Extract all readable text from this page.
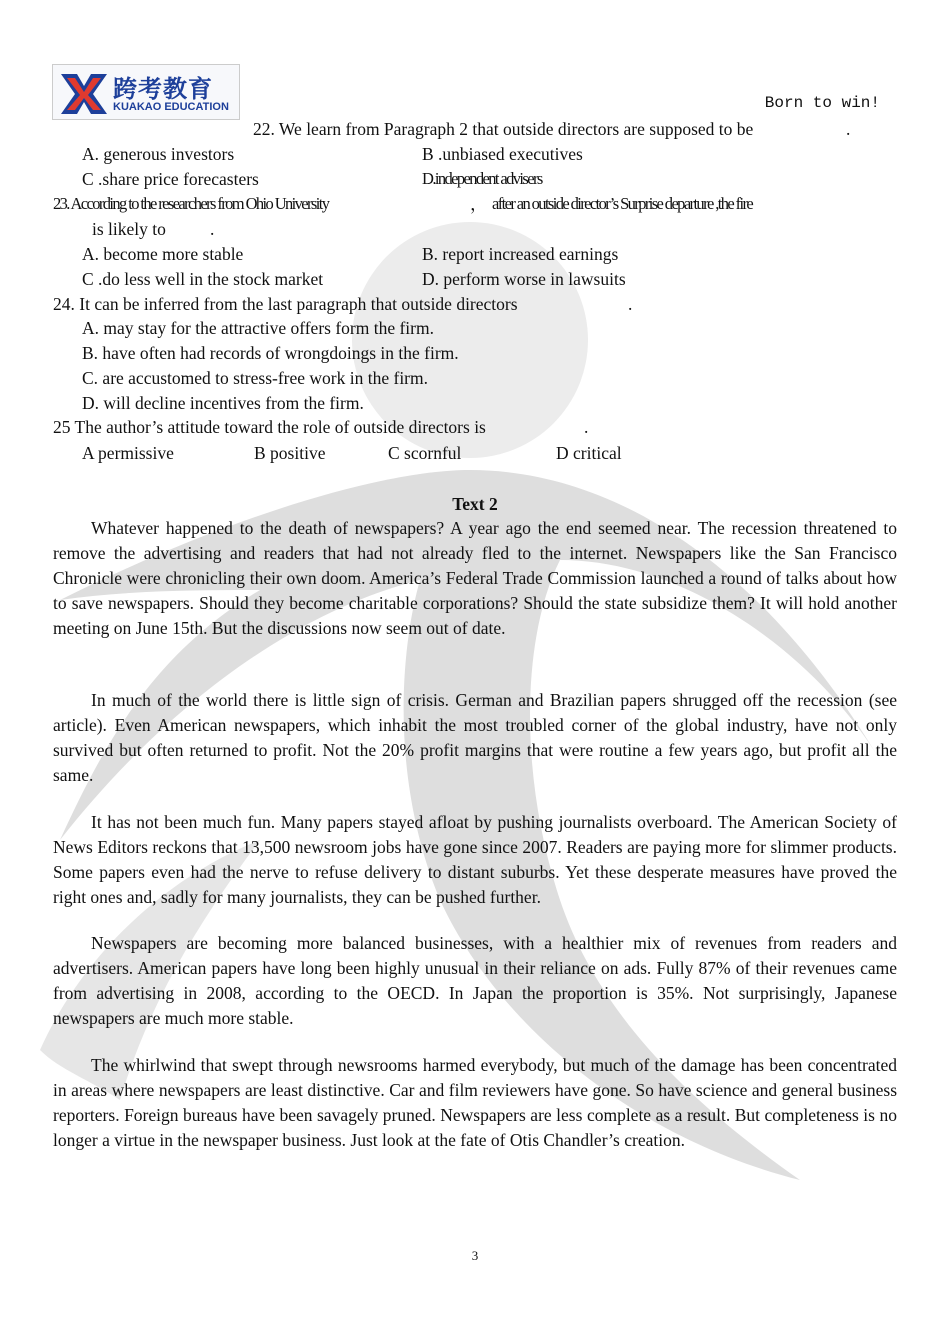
跨考教育
KUAKAO EDUCATION	Born to win!
22. We learn from Paragraph 2 that outside directors are supposed to be	.
A. generous investors	B .unbiased executives
C .share price forecasters	D.independent advisers
23. According to the researchers from Ohio University	， after an outside director’s Surprise departure ,the fire
is likely to	.
A. become more stable	B. report increased earnings
C .do less well in the stock market	D. perform worse in lawsuits
24. It can be inferred from the last paragraph that outside directors	.
A. may stay for the attractive offers form the firm.
B. have often had records of wrongdoings in the firm.
C. are accustomed to stress-free work in the firm.
D. will decline incentives from the firm.
25 The author’s attitude toward the role of outside directors is	.
A permissive	B positive	C scornful	D critical
Text 2

Whatever happened to the death of newspapers? A year ago the end seemed near. The recession threatened to remove the advertising and readers that had not already fled to the internet. Newspapers like the San Francisco Chronicle were chronicling their own doom. America’s Federal Trade Commission launched a round of talks about how to save newspapers. Should they become charitable corporations? Should the state subsidize them? It will hold another meeting on June 15th. But the discussions now seem out of date.

In much of the world there is little sign of crisis. German and Brazilian papers shrugged off the recession (see article). Even American newspapers, which inhabit the most troubled corner of the global industry, have not only survived but often returned to profit. Not the 20% profit margins that were routine a few years ago, but profit all the same.

It has not been much fun. Many papers stayed afloat by pushing journalists overboard. The American Society of News Editors reckons that 13,500 newsroom jobs have gone since 2007. Readers are paying more for slimmer products. Some papers even had the nerve to refuse delivery to distant suburbs. Yet these desperate measures have proved the right ones and, sadly for many journalists, they can be pushed further.

Newspapers are becoming more balanced businesses, with a healthier mix of revenues from readers and advertisers. American papers have long been highly unusual in their reliance on ads. Fully 87% of their revenues came from advertising in 2008, according to the OECD. In Japan the proportion is 35%. Not surprisingly, Japanese newspapers are much more stable.

The whirlwind that swept through newsrooms harmed everybody, but much of the damage has been concentrated in areas where newspapers are least distinctive. Car and film reviewers have gone. So have science and general business reporters. Foreign bureaus have been savagely pruned. Newspapers are less complete as a result. But completeness is no longer a virtue in the newspaper business. Just look at the fate of Otis Chandler’s creation.

3
